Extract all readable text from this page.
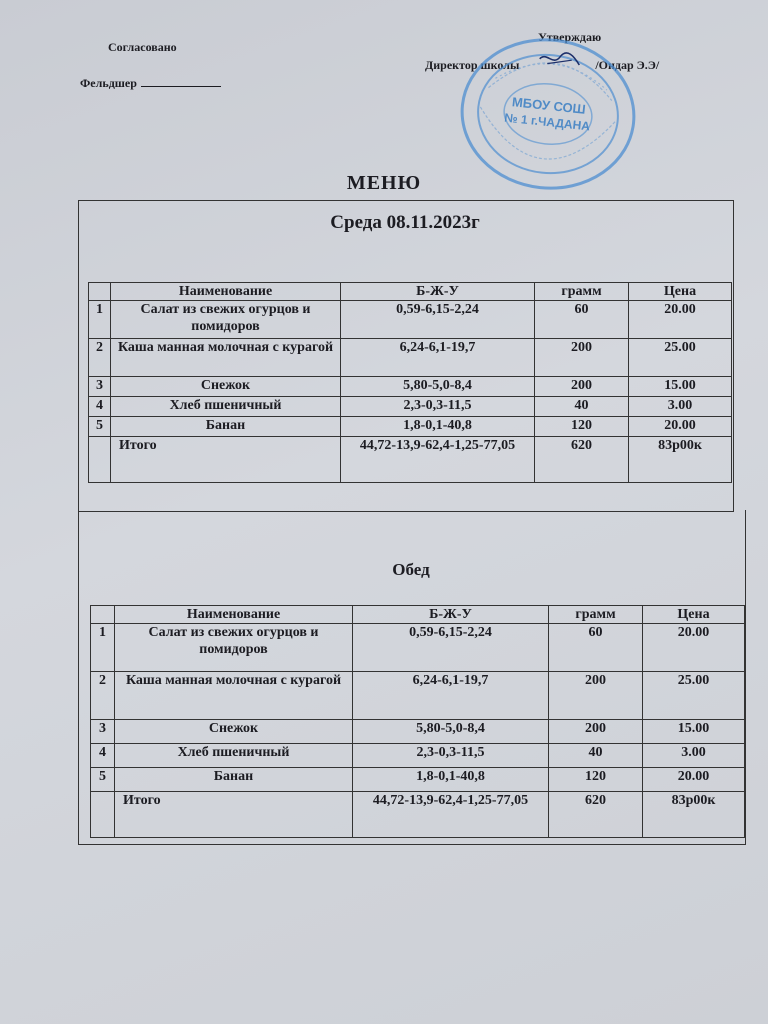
Согласовано
Фельдшер
Утверждаю
Директор школы	/Ондар Э.Э/
МБОУ СОШ
№ 1 г.ЧАДАНА
МЕНЮ
Среда 08.11.2023г
	Наименование	Б-Ж-У	грамм	Цена
1	Салат из свежих огурцов и помидоров	0,59-6,15-2,24	60	20.00
2	Каша манная молочная с курагой	6,24-6,1-19,7	200	25.00
3	Снежок	5,80-5,0-8,4	200	15.00
4	Хлеб пшеничный	2,3-0,3-11,5	40	3.00
5	Банан	1,8-0,1-40,8	120	20.00
	Итого	44,72-13,9-62,4-1,25-77,05	620	83р00к
Обед
	Наименование	Б-Ж-У	грамм	Цена
1	Салат из свежих огурцов и помидоров	0,59-6,15-2,24	60	20.00
2	Каша манная молочная с курагой	6,24-6,1-19,7	200	25.00
3	Снежок	5,80-5,0-8,4	200	15.00
4	Хлеб пшеничный	2,3-0,3-11,5	40	3.00
5	Банан	1,8-0,1-40,8	120	20.00
	Итого	44,72-13,9-62,4-1,25-77,05	620	83р00к
